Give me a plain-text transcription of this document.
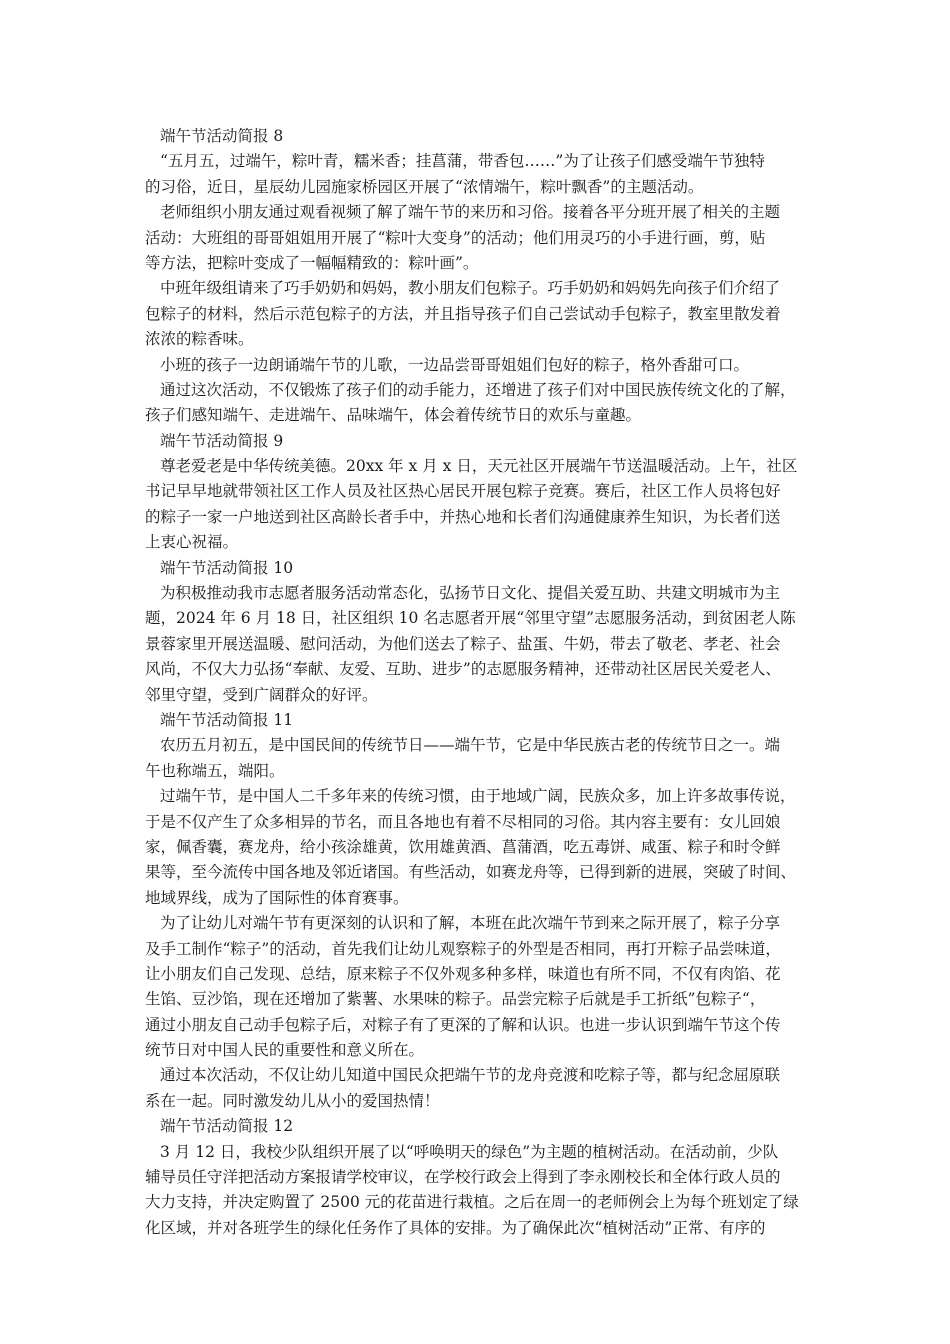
端午节活动简报 8
“五月五，过端午，粽叶青，糯米香；挂菖蒲，带香包……”为了让孩子们感受端午节独特
的习俗，近日，星辰幼儿园施家桥园区开展了“浓情端午，粽叶飘香”的主题活动。
老师组织小朋友通过观看视频了解了端午节的来历和习俗。接着各平分班开展了相关的主题
活动：大班组的哥哥姐姐用开展了“粽叶大变身”的活动；他们用灵巧的小手进行画，剪，贴
等方法，把粽叶变成了一幅幅精致的：粽叶画”。
中班年级组请来了巧手奶奶和妈妈，教小朋友们包粽子。巧手奶奶和妈妈先向孩子们介绍了
包粽子的材料，然后示范包粽子的方法，并且指导孩子们自己尝试动手包粽子，教室里散发着
浓浓的粽香味。
小班的孩子一边朗诵端午节的儿歌，一边品尝哥哥姐姐们包好的粽子，格外香甜可口。
通过这次活动，不仅锻炼了孩子们的动手能力，还增进了孩子们对中国民族传统文化的了解，
孩子们感知端午、走进端午、品味端午，体会着传统节日的欢乐与童趣。
端午节活动简报 9
尊老爱老是中华传统美德。20xx 年 x 月 x 日，天元社区开展端午节送温暖活动。上午，社区
书记早早地就带领社区工作人员及社区热心居民开展包粽子竞赛。赛后，社区工作人员将包好
的粽子一家一户地送到社区高龄长者手中，并热心地和长者们沟通健康养生知识，为长者们送
上衷心祝福。
端午节活动简报 10
为积极推动我市志愿者服务活动常态化，弘扬节日文化、提倡关爱互助、共建文明城市为主
题，2024 年 6 月 18 日，社区组织 10 名志愿者开展“邻里守望”志愿服务活动，到贫困老人陈
景蓉家里开展送温暖、慰问活动，为他们送去了粽子、盐蛋、牛奶，带去了敬老、孝老、社会
风尚，不仅大力弘扬“奉献、友爱、互助、进步”的志愿服务精神，还带动社区居民关爱老人、
邻里守望，受到广阔群众的好评。
端午节活动简报 11
农历五月初五，是中国民间的传统节日——端午节，它是中华民族古老的传统节日之一。端
午也称端五，端阳。
过端午节，是中国人二千多年来的传统习惯，由于地域广阔，民族众多，加上许多故事传说，
于是不仅产生了众多相异的节名，而且各地也有着不尽相同的习俗。其内容主要有：女儿回娘
家，佩香囊，赛龙舟，给小孩涂雄黄，饮用雄黄酒、菖蒲酒，吃五毒饼、咸蛋、粽子和时令鲜
果等，至今流传中国各地及邻近诸国。有些活动，如赛龙舟等，已得到新的进展，突破了时间、
地域界线，成为了国际性的体育赛事。
为了让幼儿对端午节有更深刻的认识和了解，本班在此次端午节到来之际开展了，粽子分享
及手工制作“粽子”的活动，首先我们让幼儿观察粽子的外型是否相同，再打开粽子品尝味道，
让小朋友们自己发现、总结，原来粽子不仅外观多种多样，味道也有所不同，不仅有肉馅、花
生馅、豆沙馅，现在还增加了紫薯、水果味的粽子。品尝完粽子后就是手工折纸”包粽子“，
通过小朋友自己动手包粽子后，对粽子有了更深的了解和认识。也进一步认识到端午节这个传
统节日对中国人民的重要性和意义所在。
通过本次活动，不仅让幼儿知道中国民众把端午节的龙舟竞渡和吃粽子等，都与纪念屈原联
系在一起。同时激发幼儿从小的爱国热情！
端午节活动简报 12
3 月 12 日，我校少队组织开展了以“呼唤明天的绿色”为主题的植树活动。在活动前，少队
辅导员任守洋把活动方案报请学校审议，在学校行政会上得到了李永刚校长和全体行政人员的
大力支持，并决定购置了 2500 元的花苗进行栽植。之后在周一的老师例会上为每个班划定了绿
化区域，并对各班学生的绿化任务作了具体的安排。为了确保此次“植树活动”正常、有序的
